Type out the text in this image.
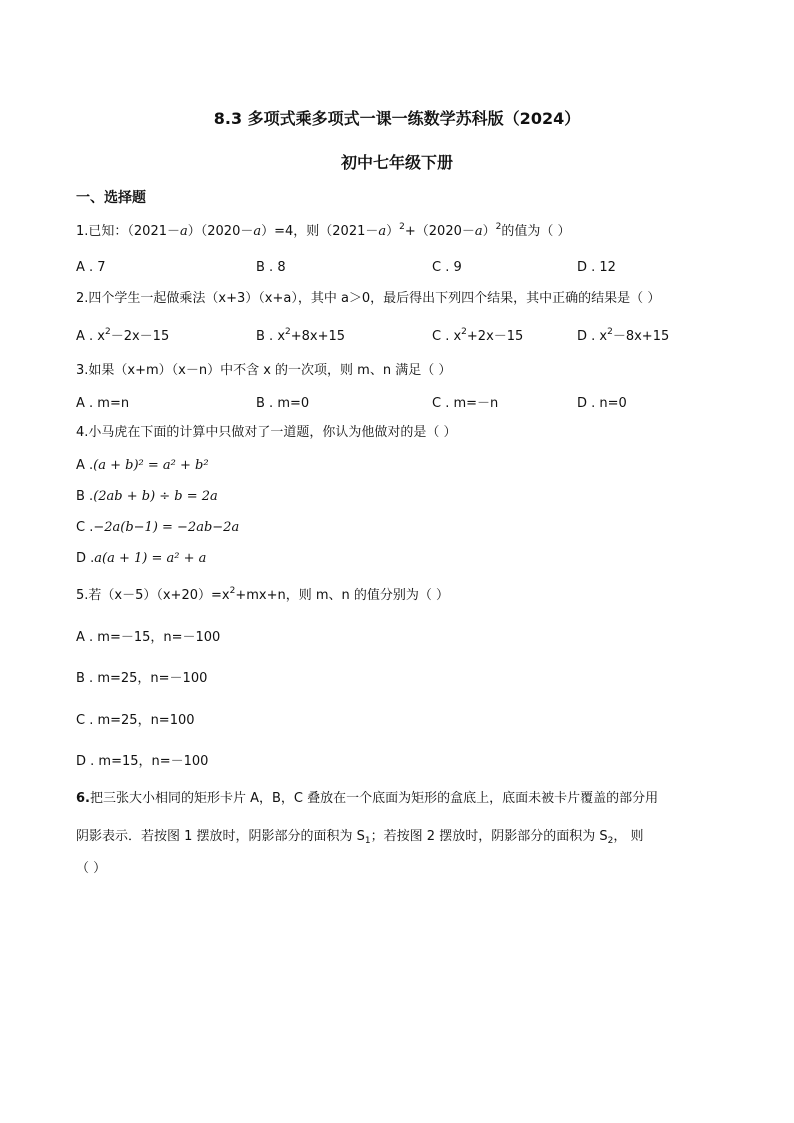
8.3 多项式乘多项式一课一练数学苏科版（2024）
初中七年级下册
一、选择题
1.已知：（2021－a）（2020－a）=4，则$(2021-a)^2+(2020-a)^2$的值为（ ）
A . 7	B . 8	C . 9	D . 12
2.四个学生一起做乘法（x+3）（x+a），其中 a＞0，最后得出下列四个结果，其中正确的结果是（ ）
A . $x^2-2x-15$	B . $x^2+8x+15$	C . $x^2+2x-15$	D . $x^2-8x+15$
3.如果（x+m）（x－n）中不含 x 的一次项，则 m、n 满足（ ）
A . m=n	B . m=0	C . m=－n	D . n=0
4.小马虎在下面的计算中只做对了一道题，你认为他做对的是（ ）
A .(a + b)² = a² + b²
B .(2ab + b) ÷ b = 2a
C .−2a(b−1) = −2ab−2a
D .a(a + 1) = a² + a
5.若$(x-5)(x+20)=x^2+mx+n$，则 m、n 的值分别为（ ）
A . m=－15，n=－100
B . m=25，n=－100
C . m=25，n=100
D . m=15，n=－100
6.把三张大小相同的矩形卡片 A，B，C 叠放在一个底面为矩形的盒底上，底面未被卡片覆盖的部分用
阴影表示．若按图 1 摆放时，阴影部分的面积为 $S_1$；若按图 2 摆放时，阴影部分的面积为 $S_2$， 则
（ ）
